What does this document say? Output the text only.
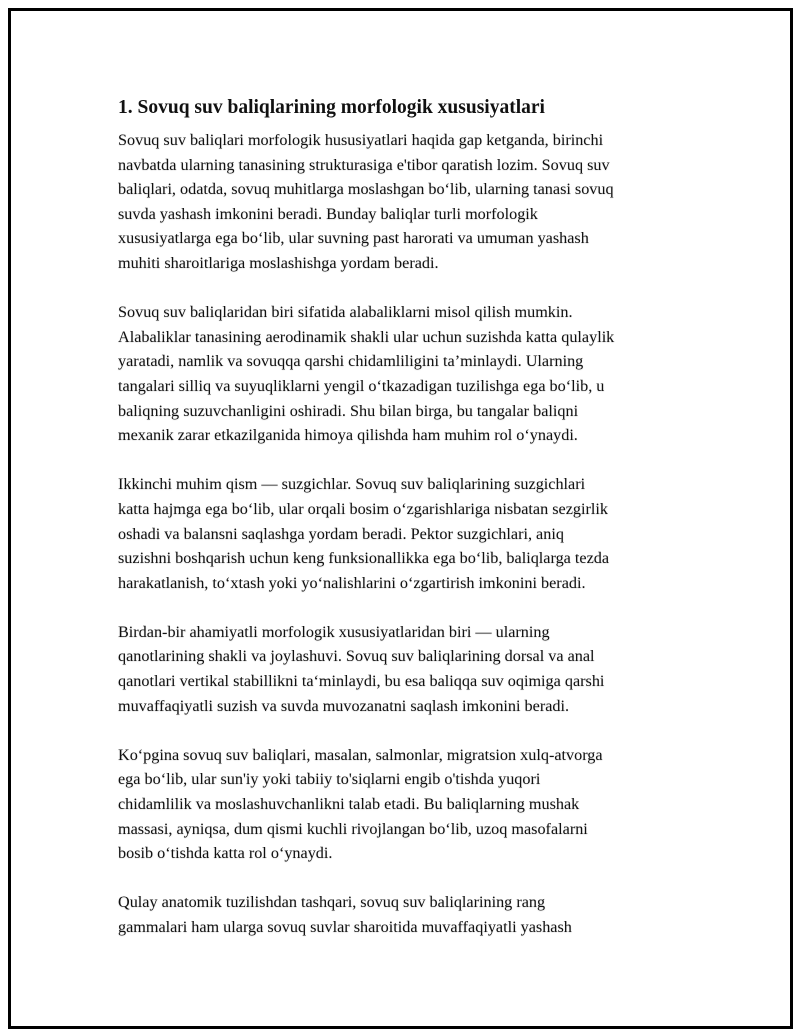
1. Sovuq suv baliqlarining morfologik xususiyatlari

Sovuq suv baliqlari morfologik hususiyatlari haqida gap ketganda, birinchi
navbatda ularning tanasining strukturasiga e'tibor qaratish lozim. Sovuq suv
baliqlari, odatda, sovuq muhitlarga moslashgan bo‘lib, ularning tanasi sovuq
suvda yashash imkonini beradi. Bunday baliqlar turli morfologik
xususiyatlarga ega bo‘lib, ular suvning past harorati va umuman yashash
muhiti sharoitlariga moslashishga yordam beradi.

Sovuq suv baliqlaridan biri sifatida alabaliklarni misol qilish mumkin.
Alabaliklar tanasining aerodinamik shakli ular uchun suzishda katta qulaylik
yaratadi, namlik va sovuqqa qarshi chidamliligini ta’minlaydi. Ularning
tangalari silliq va suyuqliklarni yengil o‘tkazadigan tuzilishga ega bo‘lib, u
baliqning suzuvchanligini oshiradi. Shu bilan birga, bu tangalar baliqni
mexanik zarar etkazilganida himoya qilishda ham muhim rol o‘ynaydi.

Ikkinchi muhim qism — suzgichlar. Sovuq suv baliqlarining suzgichlari
katta hajmga ega bo‘lib, ular orqali bosim o‘zgarishlariga nisbatan sezgirlik
oshadi va balansni saqlashga yordam beradi. Pektor suzgichlari, aniq
suzishni boshqarish uchun keng funksionallikka ega bo‘lib, baliqlarga tezda
harakatlanish, to‘xtash yoki yo‘nalishlarini o‘zgartirish imkonini beradi.

Birdan-bir ahamiyatli morfologik xususiyatlaridan biri — ularning
qanotlarining shakli va joylashuvi. Sovuq suv baliqlarining dorsal va anal
qanotlari vertikal stabillikni ta‘minlaydi, bu esa baliqqa suv oqimiga qarshi
muvaffaqiyatli suzish va suvda muvozanatni saqlash imkonini beradi.

Ko‘pgina sovuq suv baliqlari, masalan, salmonlar, migratsion xulq-atvorga
ega bo‘lib, ular sun'iy yoki tabiiy to'siqlarni engib o'tishda yuqori
chidamlilik va moslashuvchanlikni talab etadi. Bu baliqlarning mushak
massasi, ayniqsa, dum qismi kuchli rivojlangan bo‘lib, uzoq masofalarni
bosib o‘tishda katta rol o‘ynaydi.

Qulay anatomik tuzilishdan tashqari, sovuq suv baliqlarining rang
gammalari ham ularga sovuq suvlar sharoitida muvaffaqiyatli yashash
